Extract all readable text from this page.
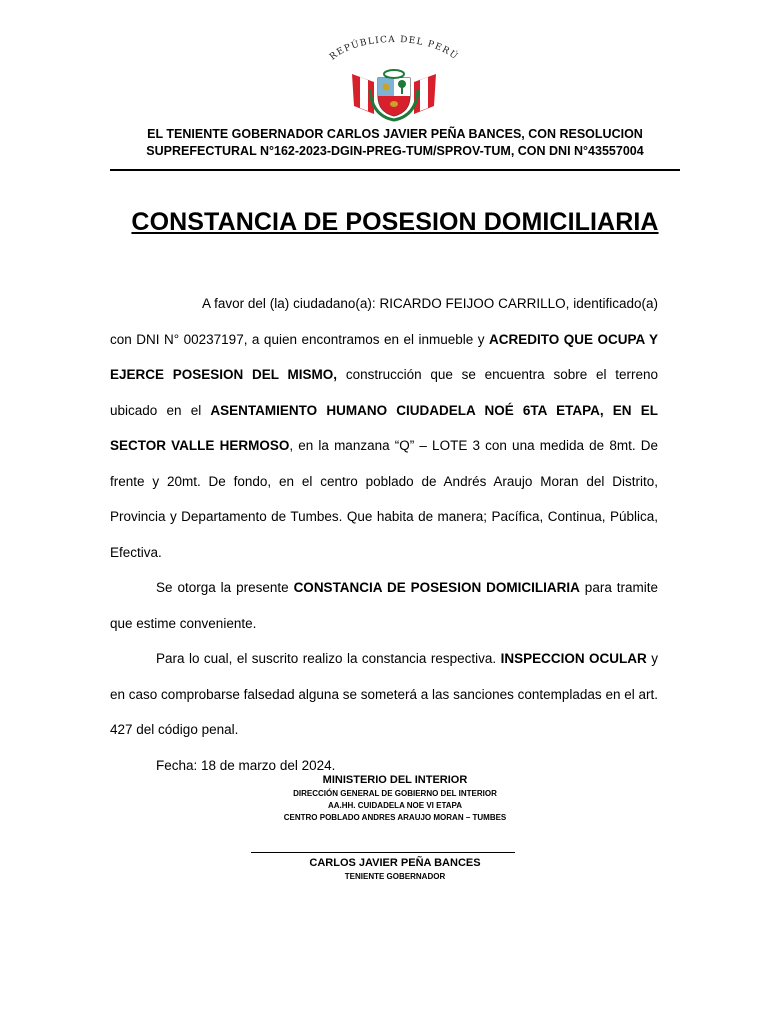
REPÚBLICA DEL PERÚ
EL TENIENTE GOBERNADOR CARLOS JAVIER PEÑA BANCES, CON RESOLUCION
SUPREFECTURAL N°162-2023-DGIN-PREG-TUM/SPROV-TUM, CON DNI N°43557004
CONSTANCIA DE POSESION DOMICILIARIA

A favor del (la) ciudadano(a): RICARDO FEIJOO CARRILLO, identificado(a) con DNI N° 00237197, a quien encontramos en el inmueble y ACREDITO QUE OCUPA Y EJERCE POSESION DEL MISMO, construcción que se encuentra sobre el terreno ubicado en el ASENTAMIENTO HUMANO CIUDADELA NOÉ 6TA ETAPA, EN EL SECTOR VALLE HERMOSO, en la manzana “Q” – LOTE 3 con una medida de 8mt. De frente y 20mt. De fondo, en el centro poblado de Andrés Araujo Moran del Distrito, Provincia y Departamento de Tumbes. Que habita de manera; Pacífica, Continua, Pública, Efectiva.

Se otorga la presente CONSTANCIA DE POSESION DOMICILIARIA para tramite que estime conveniente.

Para lo cual, el suscrito realizo la constancia respectiva. INSPECCION OCULAR y en caso comprobarse falsedad alguna se someterá a las sanciones contempladas en el art. 427 del código penal.

Fecha: 18 de marzo del 2024.

MINISTERIO DEL INTERIOR
DIRECCIÓN GENERAL DE GOBIERNO DEL INTERIOR
AA.HH. CUIDADELA NOE VI ETAPA
CENTRO POBLADO ANDRES ARAUJO MORAN – TUMBES
CARLOS JAVIER PEÑA BANCES
TENIENTE GOBERNADOR
